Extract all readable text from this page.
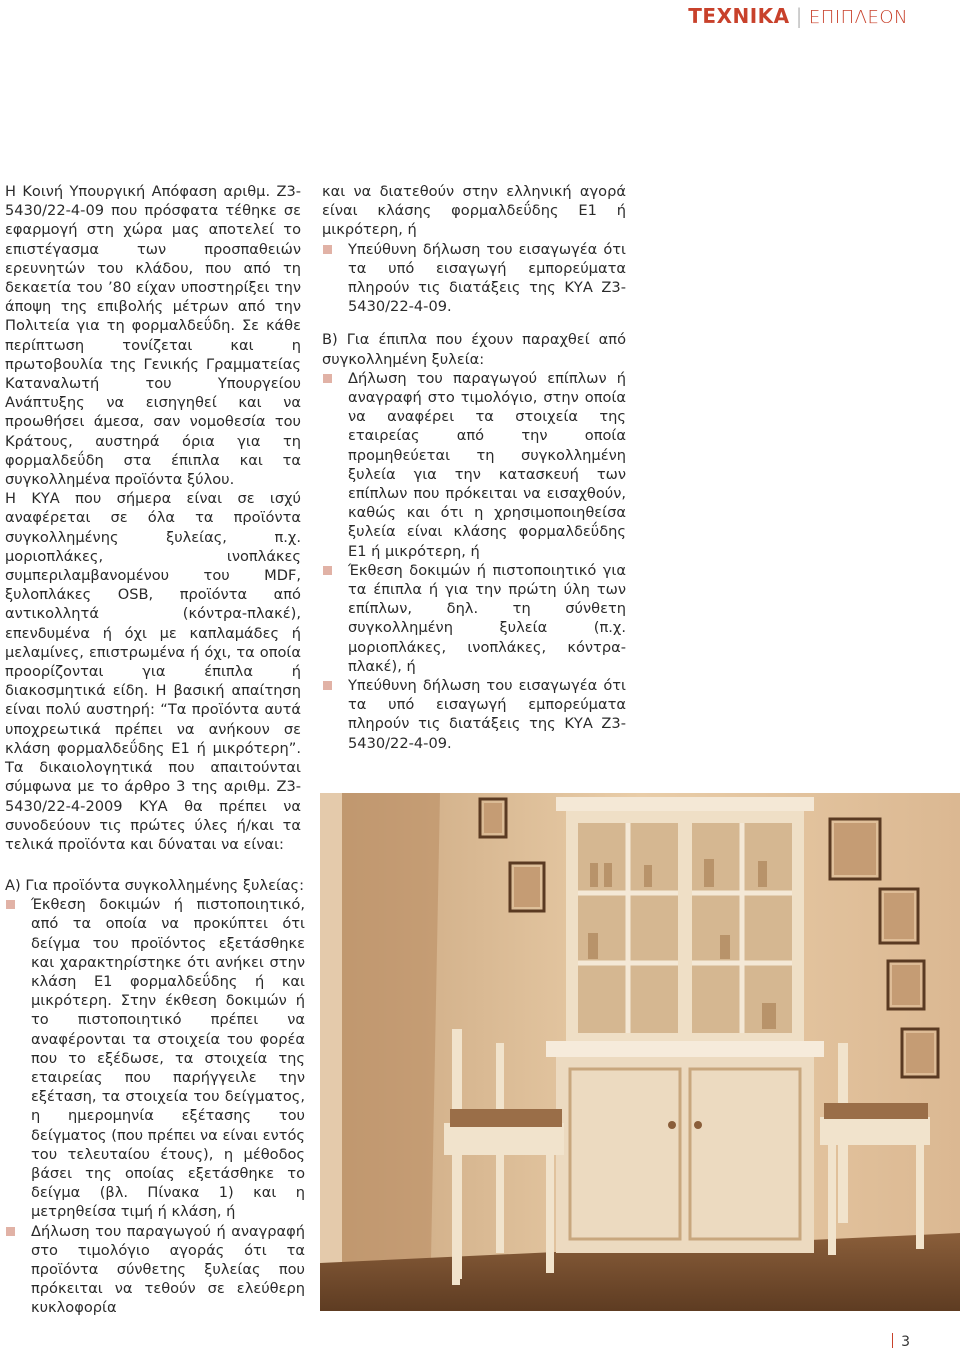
ΤΕΧΝΙΚΑ | ΕΠΙΠΛΕΟΝ

Η Κοινή Υπουργική Απόφαση αριθμ. Ζ3-5430/22-4-09 που πρόσφατα τέθηκε σε εφαρμογή στη χώρα μας αποτελεί το επιστέγασμα των προσπαθειών ερευνητών του κλάδου, που από τη δεκαετία του ’80 είχαν υποστηρίξει την άποψη της επιβολής μέτρων από την Πολιτεία για τη φορμαλδεΰδη. Σε κάθε περίπτωση τονίζεται και η πρωτοβουλία της Γενικής Γραμματείας Καταναλωτή του Υπουργείου Ανάπτυξης να εισηγηθεί και να προωθήσει άμεσα, σαν νομοθεσία του Κράτους, αυστηρά όρια για τη φορμαλδεΰδη στα έπιπλα και τα συγκολλημένα προϊόντα ξύλου.

Η ΚΥΑ που σήμερα είναι σε ισχύ αναφέρεται σε όλα τα προϊόντα συγκολλημένης ξυλείας, π.χ. μοριοπλάκες, ινοπλάκες συμπεριλαμβανομένου του MDF, ξυλοπλάκες OSB, προϊόντα από αντικολλητά (κόντρα-πλακέ), επενδυμένα ή όχι με καπλαμάδες ή μελαμίνες, επιστρωμένα ή όχι, τα οποία προορίζονται για έπιπλα ή διακοσμητικά είδη. Η βασική απαίτηση είναι πολύ αυστηρή: “Τα προϊόντα αυτά υποχρεωτικά πρέπει να ανήκουν σε κλάση φορμαλδεΰδης Ε1 ή μικρότερη”. Τα δικαιολογητικά που απαιτούνται σύμφωνα με το άρθρο 3 της αριθμ. Ζ3-5430/22-4-2009 ΚΥΑ θα πρέπει να συνοδεύουν τις πρώτες ύλες ή/και τα τελικά προϊόντα και δύναται να είναι:

και να διατεθούν στην ελληνική αγορά είναι κλάσης φορμαλδεΰδης Ε1 ή μικρότερη, ή

Υπεύθυνη δήλωση του εισαγωγέα ότι τα υπό εισαγωγή εμπορεύματα πληρούν τις διατάξεις της ΚΥΑ Ζ3-5430/22-4-09.

Β) Για έπιπλα που έχουν παραχθεί από συγκολλημένη ξυλεία:

Δήλωση του παραγωγού επίπλων ή αναγραφή στο τιμολόγιο, στην οποία να αναφέρει τα στοιχεία της εταιρείας από την οποία προμηθεύεται τη συγκολλημένη ξυλεία για την κατασκευή των επίπλων που πρόκειται να εισαχθούν, καθώς και ότι η χρησιμοποιηθείσα ξυλεία είναι κλάσης φορμαλδεΰδης Ε1 ή μικρότερη, ή
Έκθεση δοκιμών ή πιστοποιητικό για τα έπιπλα ή για την πρώτη ύλη των επίπλων, δηλ. τη σύνθετη συγκολλημένη ξυλεία (π.χ. μοριοπλάκες, ινοπλάκες, κόντρα-πλακέ), ή
Υπεύθυνη δήλωση του εισαγωγέα ότι τα υπό εισαγωγή εμπορεύματα πληρούν τις διατάξεις της ΚΥΑ Ζ3-5430/22-4-09.

Α) Για προϊόντα συγκολλημένης ξυλείας:

Έκθεση δοκιμών ή πιστοποιητικό, από τα οποία να προκύπτει ότι δείγμα του προϊόντος εξετάσθηκε και χαρακτηρίστηκε ότι ανήκει στην κλάση Ε1 φορμαλδεΰδης ή και μικρότερη. Στην έκθεση δοκιμών ή το πιστοποιητικό πρέπει να αναφέρονται τα στοιχεία του φορέα που το εξέδωσε, τα στοιχεία της εταιρείας που παρήγγειλε την εξέταση, τα στοιχεία του δείγματος, η ημερομηνία εξέτασης του δείγματος (που πρέπει να είναι εντός του τελευταίου έτους), η μέθοδος βάσει της οποίας εξετάσθηκε το δείγμα (βλ. Πίνακα 1) και η μετρηθείσα τιμή ή κλάση, ή
Δήλωση του παραγωγού ή αναγραφή στο τιμολόγιο αγοράς ότι τα προϊόντα σύνθετης ξυλείας που πρόκειται να τεθούν σε ελεύθερη κυκλοφορία
3
